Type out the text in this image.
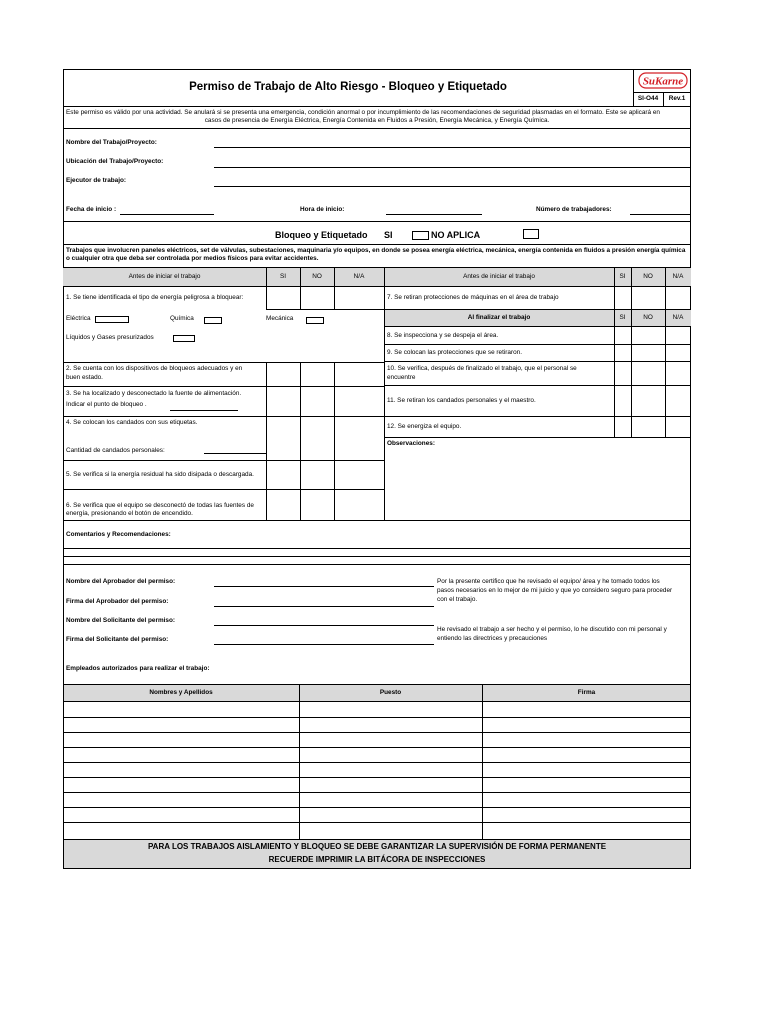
Permiso de Trabajo de Alto Riesgo - Bloqueo y Etiquetado	SuKarne
SI-O44	Rev.1
Este permiso es válido por una actividad. Se anulará si se presenta una emergencia, condición anormal o por incumplimiento de las recomendaciones de seguridad plasmadas en el formato. Este se aplicará en
casos de presencia de Energía Eléctrica, Energía Contenida en Fluidos a Presión, Energía Mecánica, y Energía Química.
Nombre del Trabajo/Proyecto:
Ubicación del Trabajo/Proyecto:
Ejecutor de trabajo:
Fecha de inicio :	Hora de inicio:	Número de trabajadores:
Bloqueo y Etiquetado SI	NO APLICA
Trabajos que involucren paneles eléctricos, set de válvulas, subestaciones, maquinaria y/o equipos, en donde se posea energía eléctrica, mecánica, energía contenida en fluidos a presión energía química
o cualquier otra que deba ser controlada por medios físicos para evitar accidentes.
Antes de iniciar el trabajo	SI	NO	N/A	Antes de iniciar el trabajo	SI	NO	N/A
1. Se tiene identificada el tipo de energía peligrosa a bloquear:
Eléctrica	Química	Mecánica
Líquidos y Gases presurizados
2. Se cuenta con los dispositivos de bloqueos adecuados y en
buen estado.
3. Se ha localizado y desconectado la fuente de alimentación.
Indicar el punto de bloqueo .
4. Se colocan los candados con sus etiquetas.
Cantidad de candados personales:
5. Se verifica si la energía residual ha sido disipada o descargada.
6. Se verifica que el equipo se desconectó de todas las fuentes de
energía, presionando el botón de encendido.
7. Se retiran protecciones de máquinas en el área de trabajo
Al finalizar el trabajo	SI	NO	N/A
8. Se inspecciona y se despeja el área.
9. Se colocan las protecciones que se retiraron.
10. Se verifica, después de finalizado el trabajo, que el personal se
encuentre
11. Se retiran los candados personales y el maestro.
12. Se energiza el equipo.
Observaciones:
Comentarios y Recomendaciones:
Nombre del Aprobador del permiso:
Firma del Aprobador del permiso:
Nombre del Solicitante del permiso:
Firma del Solicitante del permiso:
Por la presente certifico que he revisado el equipo/ área y he tomado todos los
pasos necesarios en lo mejor de mi juicio y que yo considero seguro para proceder
con el trabajo.
He revisado el trabajo a ser hecho y el permiso, lo he discutido con mi personal y
entiendo las directrices y precauciones
Empleados autorizados para realizar el trabajo:
Nombres y Apellidos	Puesto	Firma
PARA LOS TRABAJOS AISLAMIENTO Y BLOQUEO SE DEBE GARANTIZAR LA SUPERVISIÓN DE FORMA PERMANENTE
RECUERDE IMPRIMIR LA BITÁCORA DE INSPECCIONES
